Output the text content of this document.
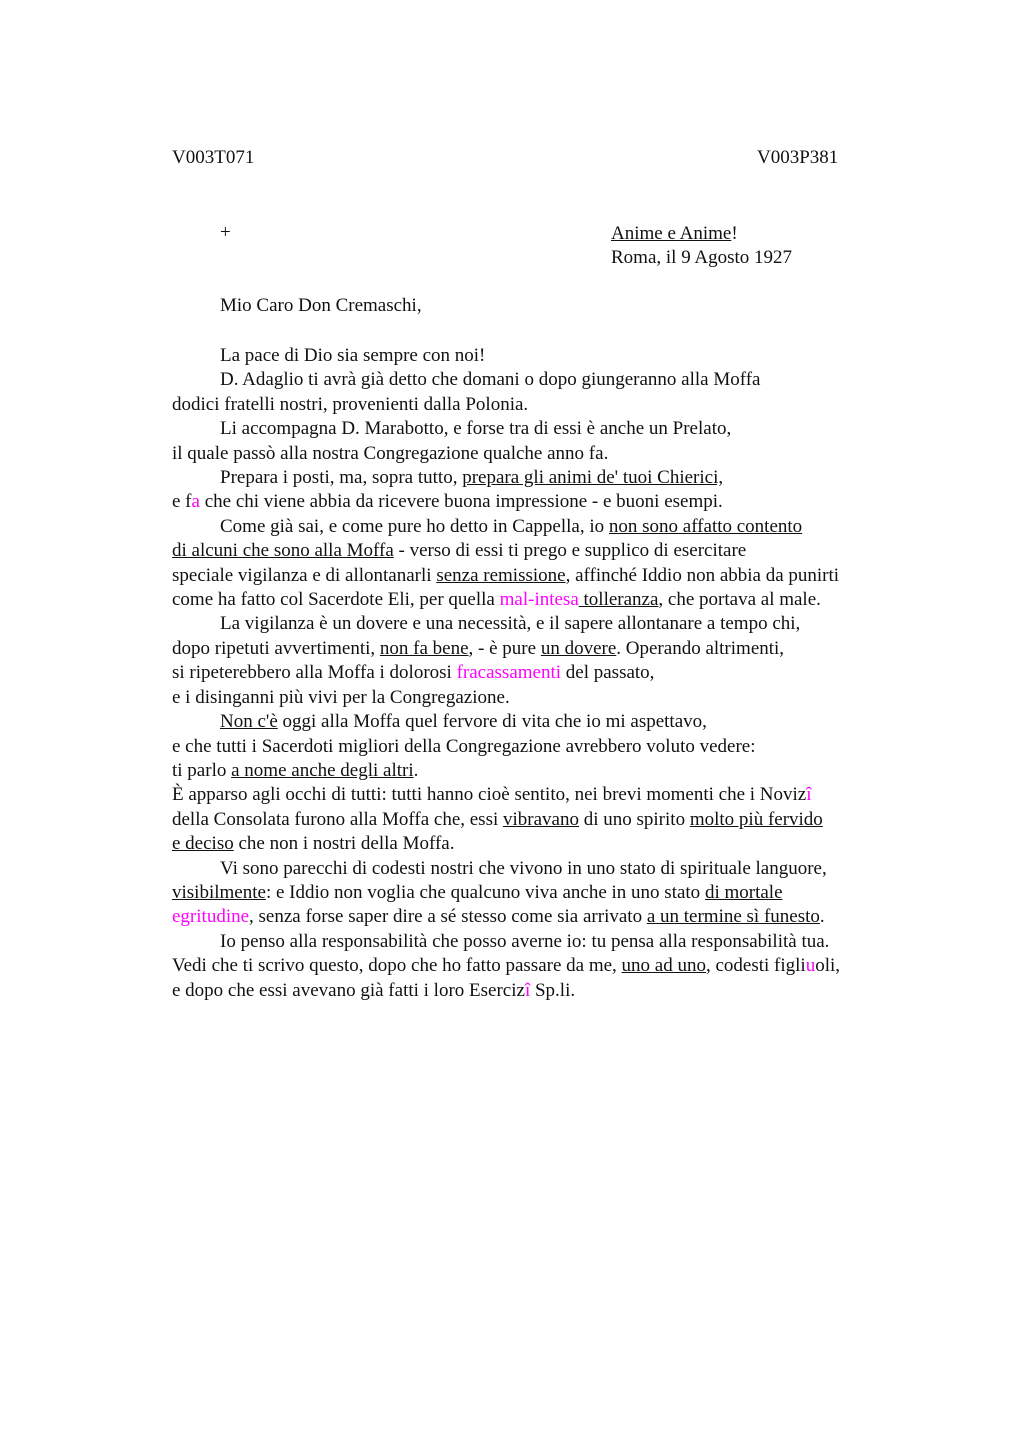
V003T071	V003P381
+	Anime e Anime!
Roma, il 9 Agosto 1927
Mio Caro Don Cremaschi,
La pace di Dio sia sempre con noi!
D. Adaglio ti avrà già detto che domani o dopo giungeranno alla Moffa
dodici fratelli nostri, provenienti dalla Polonia.
Li accompagna D. Marabotto, e forse tra di essi è anche un Prelato,
il quale passò alla nostra Congregazione qualche anno fa.
Prepara i posti, ma, sopra tutto, prepara gli animi de' tuoi Chierici,
e fa che chi viene abbia da ricevere buona impressione - e buoni esempi.
Come già sai, e come pure ho detto in Cappella, io non sono affatto contento
di alcuni che sono alla Moffa - verso di essi ti prego e supplico di esercitare
speciale vigilanza e di allontanarli senza remissione, affinché Iddio non abbia da punirti
come ha fatto col Sacerdote Eli, per quella mal-intesa tolleranza, che portava al male.
La vigilanza è un dovere e una necessità, e il sapere allontanare a tempo chi,
dopo ripetuti avvertimenti, non fa bene, - è pure un dovere. Operando altrimenti,
si ripeterebbero alla Moffa i dolorosi fracassamenti del passato,
e i disinganni più vivi per la Congregazione.
Non c'è oggi alla Moffa quel fervore di vita che io mi aspettavo,
e che tutti i Sacerdoti migliori della Congregazione avrebbero voluto vedere:
ti parlo a nome anche degli altri.
È apparso agli occhi di tutti: tutti hanno cioè sentito, nei brevi momenti che i Novizî
della Consolata furono alla Moffa che, essi vibravano di uno spirito molto più fervido
e deciso che non i nostri della Moffa.
Vi sono parecchi di codesti nostri che vivono in uno stato di spirituale languore,
visibilmente: e Iddio non voglia che qualcuno viva anche in uno stato di mortale
egritudine, senza forse saper dire a sé stesso come sia arrivato a un termine sì funesto.
Io penso alla responsabilità che posso averne io: tu pensa alla responsabilità tua.
Vedi che ti scrivo questo, dopo che ho fatto passare da me, uno ad uno, codesti figliuoli,
e dopo che essi avevano già fatti i loro Esercizî Sp.li.
